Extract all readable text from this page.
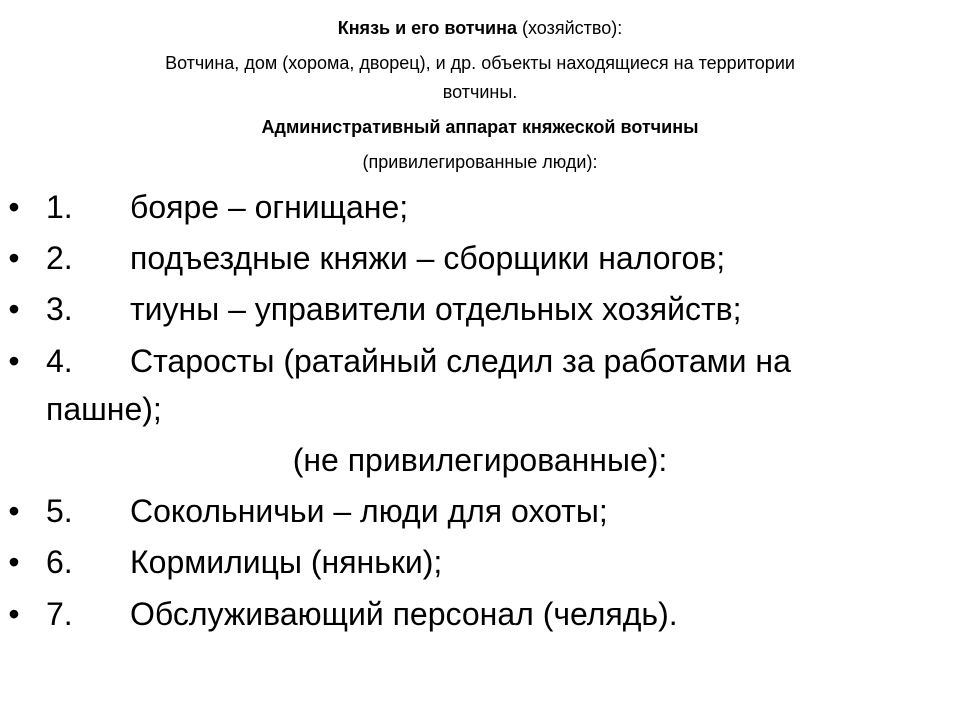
Князь и его вотчина (хозяйство):
Вотчина, дом (хорома, дворец), и др. объекты находящиеся на территории
вотчины.
Административный аппарат княжеской вотчины
(привилегированные люди):
• 1. бояре – огнищане;
• 2. подъездные княжи – сборщики налогов;
• 3. тиуны – управители отдельных хозяйств;
• 4. Старосты (ратайный следил за работами на
пашне);
(не привилегированные):
• 5. Сокольничьи – люди для охоты;
• 6. Кормилицы (няньки);
• 7. Обслуживающий персонал (челядь).
